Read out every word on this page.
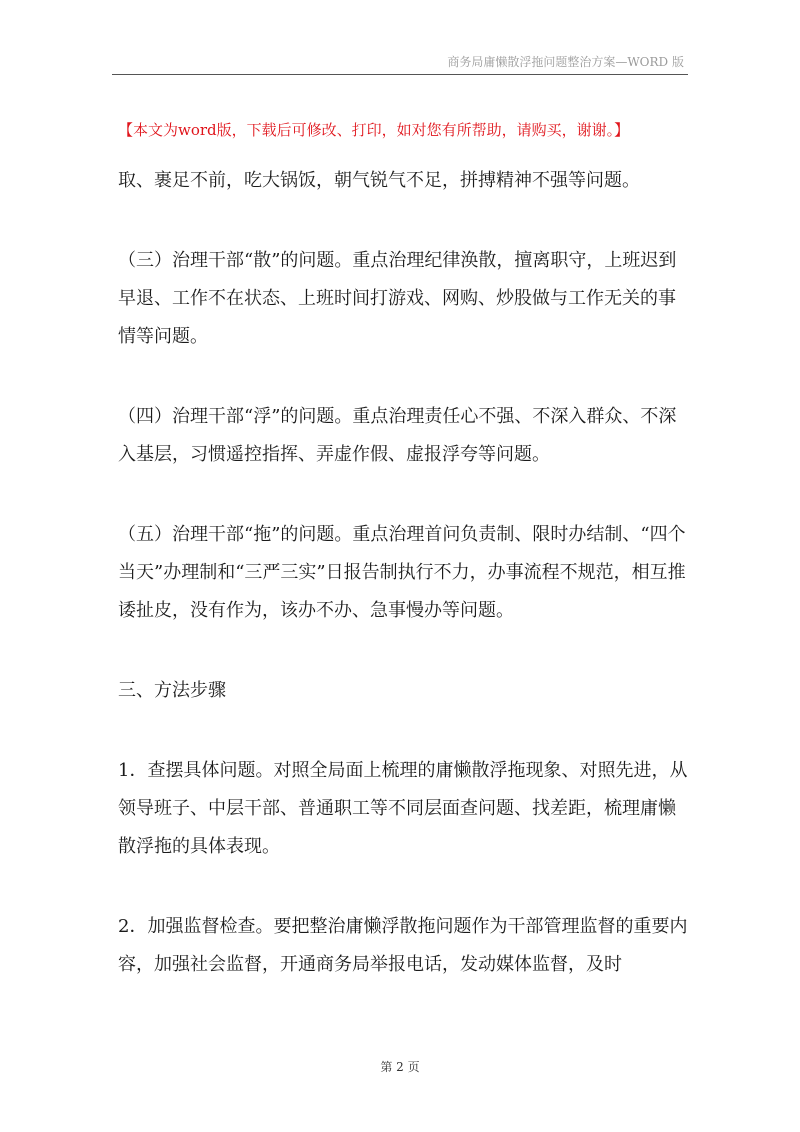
商务局庸懒散浮拖问题整治方案—WORD 版
【本文为word版，下载后可修改、打印，如对您有所帮助，请购买，谢谢。】

取、裹足不前，吃大锅饭，朝气锐气不足，拼搏精神不强等问题。

（三）治理干部“散”的问题。重点治理纪律涣散，擅离职守，上班迟到早退、工作不在状态、上班时间打游戏、网购、炒股做与工作无关的事情等问题。

（四）治理干部“浮”的问题。重点治理责任心不强、不深入群众、不深入基层，习惯遥控指挥、弄虚作假、虚报浮夸等问题。

（五）治理干部“拖”的问题。重点治理首问负责制、限时办结制、“四个当天”办理制和“三严三实”日报告制执行不力，办事流程不规范，相互推诿扯皮，没有作为，该办不办、急事慢办等问题。

三、方法步骤

1．查摆具体问题。对照全局面上梳理的庸懒散浮拖现象、对照先进，从领导班子、中层干部、普通职工等不同层面查问题、找差距，梳理庸懒散浮拖的具体表现。

2．加强监督检查。要把整治庸懒浮散拖问题作为干部管理监督的重要内容，加强社会监督，开通商务局举报电话，发动媒体监督，及时

第 2 页
